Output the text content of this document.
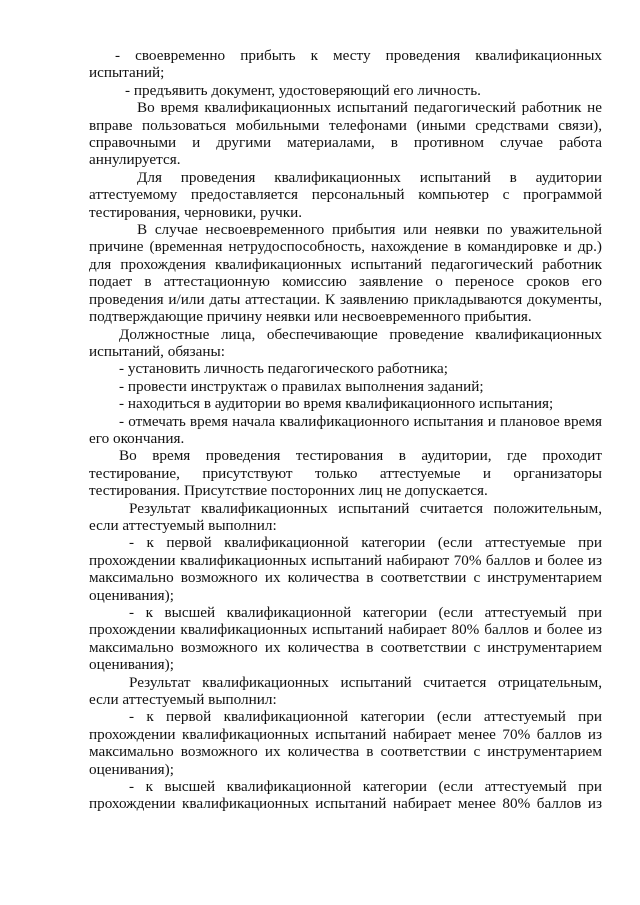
- своевременно прибыть к месту проведения квалификационных испытаний;

- предъявить документ, удостоверяющий его личность.

Во время квалификационных испытаний педагогический работник не вправе пользоваться мобильными телефонами (иными средствами связи), справочными и другими материалами, в противном случае работа аннулируется.

Для проведения квалификационных испытаний в аудитории аттестуемому предоставляется персональный компьютер с программой тестирования, черновики, ручки.

В случае несвоевременного прибытия или неявки по уважительной причине (временная нетрудоспособность, нахождение в командировке и др.) для прохождения квалификационных испытаний педагогический работник подает в аттестационную комиссию заявление о переносе сроков его проведения и/или даты аттестации. К заявлению прикладываются документы, подтверждающие причину неявки или несвоевременного прибытия.

Должностные лица, обеспечивающие проведение квалификационных испытаний, обязаны:

- установить личность педагогического работника;

- провести инструктаж о правилах выполнения заданий;

- находиться в аудитории во время квалификационного испытания;

- отмечать время начала квалификационного испытания и плановое время его окончания.

Во время проведения тестирования в аудитории, где проходит тестирование, присутствуют только аттестуемые и организаторы тестирования. Присутствие посторонних лиц не допускается.

Результат квалификационных испытаний считается положительным, если аттестуемый выполнил:

- к первой квалификационной категории (если аттестуемые при прохождении квалификационных испытаний набирают 70% баллов и более из максимально возможного их количества в соответствии с инструментарием оценивания);

- к высшей квалификационной категории (если аттестуемый при прохождении квалификационных испытаний набирает 80% баллов и более из максимально возможного их количества в соответствии с инструментарием оценивания);

Результат квалификационных испытаний считается отрицательным, если аттестуемый выполнил:

- к первой квалификационной категории (если аттестуемый при прохождении квалификационных испытаний набирает менее 70% баллов из максимально возможного их количества в соответствии с инструментарием оценивания);

- к высшей квалификационной категории (если аттестуемый при прохождении квалификационных испытаний набирает менее 80% баллов из
